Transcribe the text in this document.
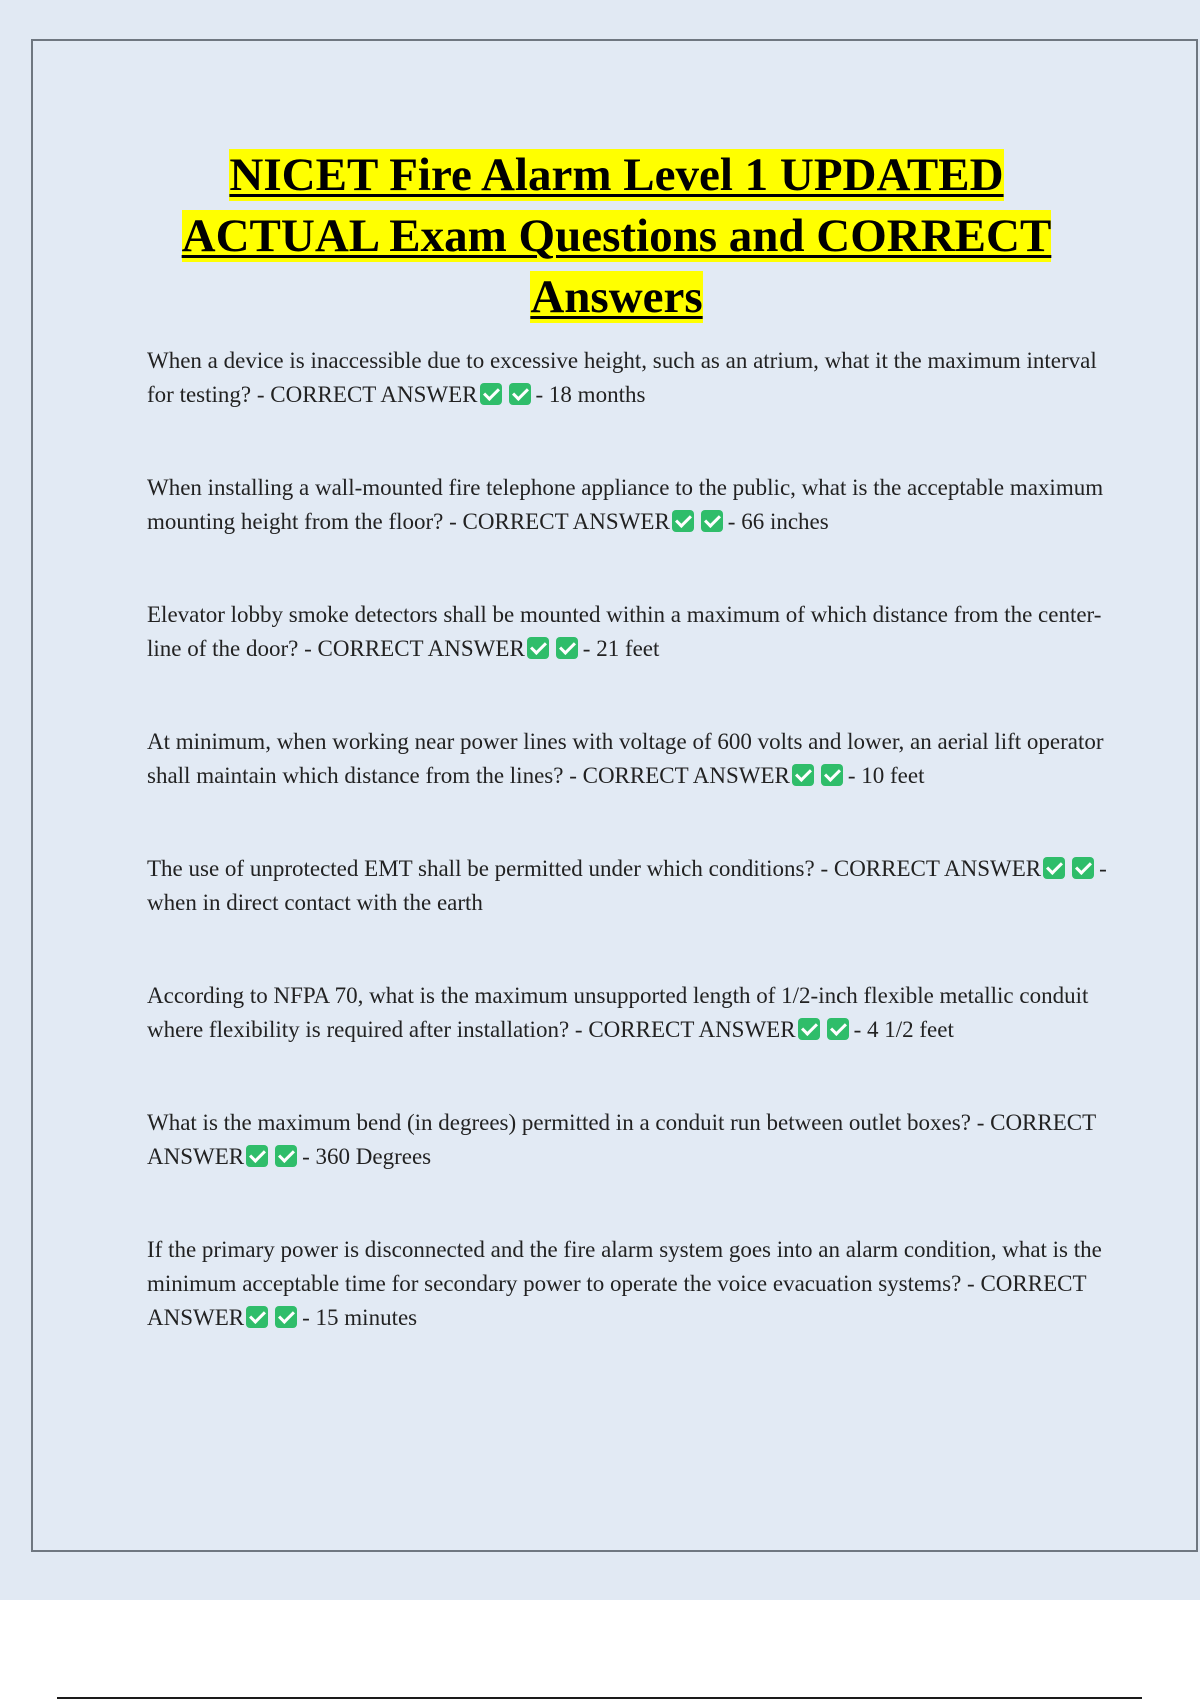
NICET Fire Alarm Level 1 UPDATED ACTUAL Exam Questions and CORRECT Answers

When a device is inaccessible due to excessive height, such as an atrium, what it the maximum interval for testing? - CORRECT ANSWER	- 18 months

When installing a wall-mounted fire telephone appliance to the public, what is the acceptable maximum mounting height from the floor? - CORRECT ANSWER	- 66 inches

Elevator lobby smoke detectors shall be mounted within a maximum of which distance from the center-line of the door? - CORRECT ANSWER	- 21 feet

At minimum, when working near power lines with voltage of 600 volts and lower, an aerial lift operator shall maintain which distance from the lines? - CORRECT ANSWER	- 10 feet

The use of unprotected EMT shall be permitted under which conditions? - CORRECT ANSWER	- when in direct contact with the earth

According to NFPA 70, what is the maximum unsupported length of 1/2-inch flexible metallic conduit where flexibility is required after installation? - CORRECT ANSWER	- 4 1/2 feet

What is the maximum bend (in degrees) permitted in a conduit run between outlet boxes? - CORRECT ANSWER	- 360 Degrees

If the primary power is disconnected and the fire alarm system goes into an alarm condition, what is the minimum acceptable time for secondary power to operate the voice evacuation systems? - CORRECT ANSWER	- 15 minutes
